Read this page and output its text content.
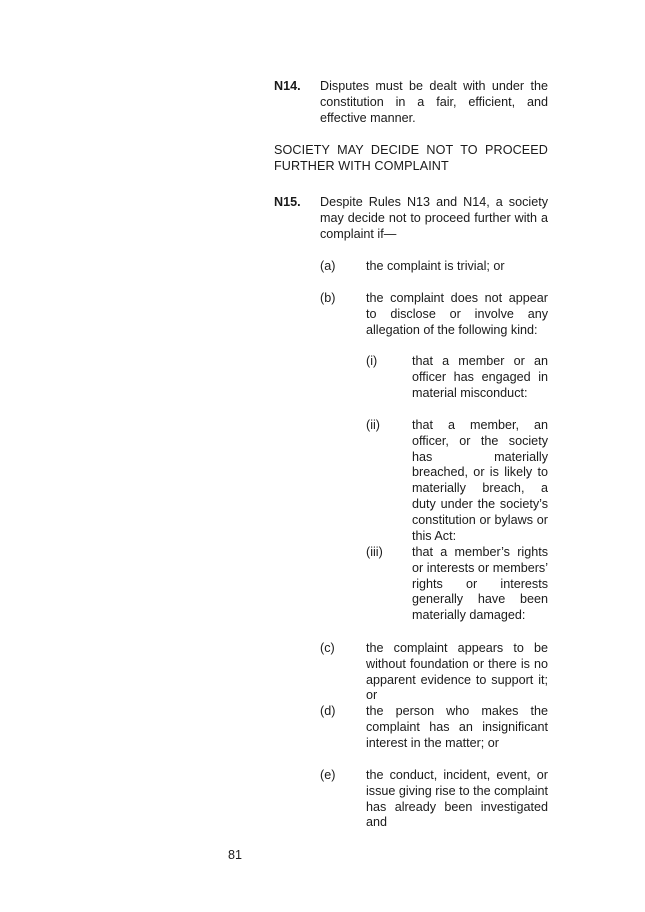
N14. Disputes must be dealt with under the constitution in a fair, efficient, and effective manner.
SOCIETY MAY DECIDE NOT TO PROCEED FURTHER WITH COMPLAINT
N15. Despite Rules N13 and N14, a society may decide not to proceed further with a complaint if—
(a) the complaint is trivial; or
(b) the complaint does not appear to disclose or involve any allegation of the following kind:
(i)	that a member or an officer has engaged in material misconduct:
(ii)	that a member, an officer, or the society has materially breached, or is likely to materially breach, a duty under the society’s constitution or bylaws or this Act:
(iii) that a member’s rights or interests or members’ rights or interests generally have been materially damaged:
(c) the complaint appears to be without foundation or there is no apparent evidence to support it; or
(d) the person who makes the complaint has an insignificant interest in the matter; or
(e) the conduct, incident, event, or issue giving rise to the complaint has already been investigated and
81
